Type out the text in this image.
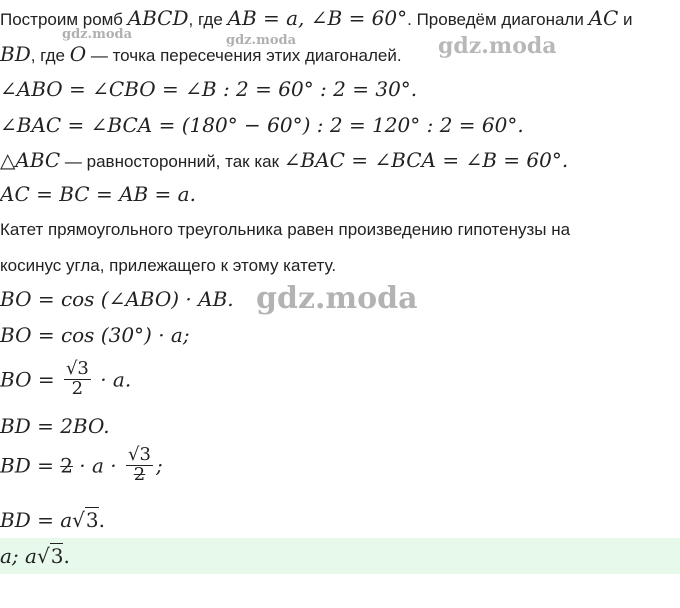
Построим ромб ABCD, где AB = a, ∠B = 60°. Проведём диагонали AC и
BD, где O — точка пересечения этих диагоналей.
∠ABO = ∠CBO = ∠B : 2 = 60° : 2 = 30°.
∠BAC = ∠BCA = (180° − 60°) : 2 = 120° : 2 = 60°.
△ABC — равносторонний, так как ∠BAC = ∠BCA = ∠B = 60°.
AC = BC = AB = a.
Катет прямоугольного треугольника равен произведению гипотенузы на
косинус угла, прилежащего к этому катету.
BO = cos (∠ABO) · AB.
BO = cos (30°) · a;
BO = $\frac{√3}{2} \cdot a$.
BD = 2BO.
BD = $2 \cdot a \cdot \frac{√3}{2}$ ;
BD = a√3.
a; a√3.
gdz.moda	gdz.moda	gdz.moda
gdz.moda
